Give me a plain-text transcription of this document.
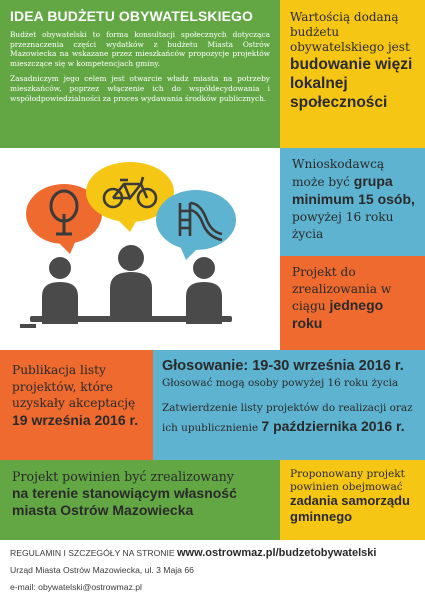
IDEA BUDŻETU OBYWATELSKIEGO

Budżet obywatelski to forma konsultacji społecznych dotycząca przeznaczenia części wydatków z budżetu Miasta Ostrów Mazowiecka na wskazane przez mieszkańców propozycje projektów mieszczące się w kompetencjach gminy.

Zasadniczym jego celem jest otwarcie władz miasta na potrzeby mieszkańców, poprzez włączenie ich do współdecydowania i współodpowiedzialności za proces wydawania środków publicznych.

Wartością dodaną budżetu obywatelskiego jest
budowanie więzi lokalnej społeczności
Wnioskodawcą może być grupa minimum 15 osób, powyżej 16 roku życia
Projekt do zrealizowania w ciągu jednego roku
Publikacja listy projektów, które uzyskały akceptację 19 września 2016 r.
Głosowanie: 19-30 września 2016 r.
Głosować mogą osoby powyżej 16 roku życia
Zatwierdzenie listy projektów do realizacji oraz ich upublicznienie 7 października 2016 r.
Projekt powinien być zrealizowany
na terenie stanowiącym własność miasta Ostrów Mazowiecka
Proponowany projekt powinien obejmować
zadania samorządu gminnego
REGULAMIN I SZCZEGÓŁY NA STRONIE www.ostrowmaz.pl/budzetobywatelski
Urząd Miasta Ostrów Mazowiecka, ul. 3 Maja 66
e-mail: obywatelski@ostrowmaz.pl
